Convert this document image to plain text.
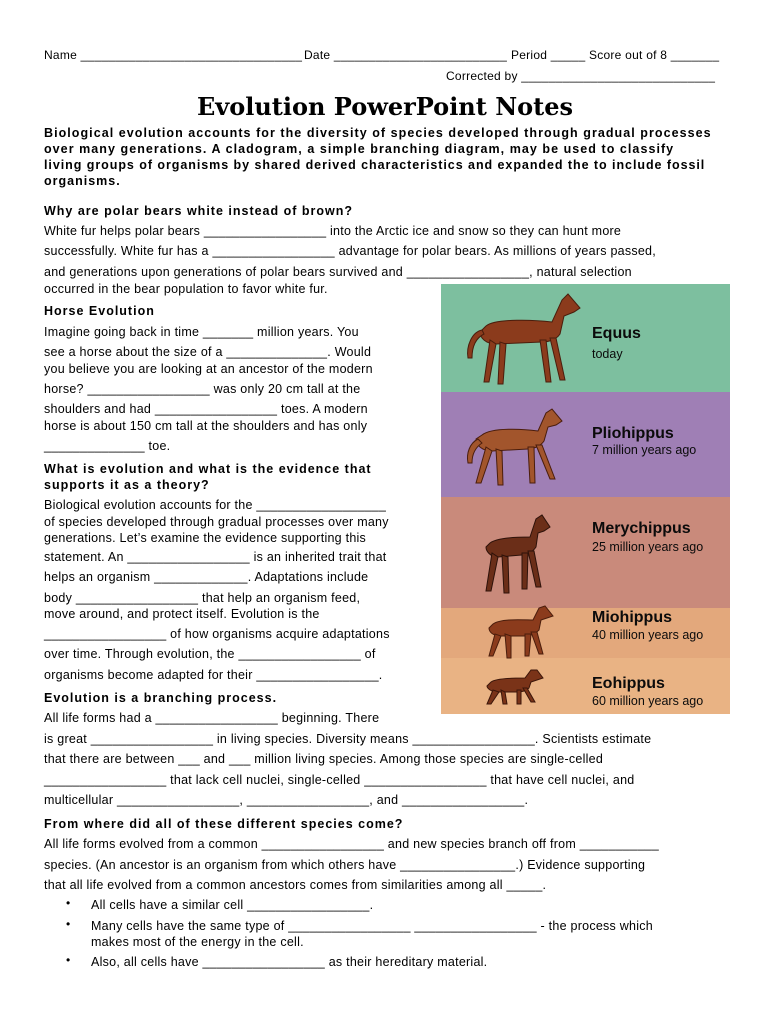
Name ________________________________ Date _________________________ Period _____ Score out of 8 _______
Corrected by ____________________________
Evolution PowerPoint Notes
Biological evolution accounts for the diversity of species developed through gradual processes
over many generations. A cladogram, a simple branching diagram, may be used to classify
living groups of organisms by shared derived characteristics and expanded the to include fossil
organisms.
Why are polar bears white instead of brown?
White fur helps polar bears _________________ into the Arctic ice and snow so they can hunt more
successfully. White fur has a _________________ advantage for polar bears. As millions of years passed,
and generations upon generations of polar bears survived and _________________, natural selection
occurred in the bear population to favor white fur.
Horse Evolution
Imagine going back in time _______ million years. You
see a horse about the size of a ______________. Would
you believe you are looking at an ancestor of the modern
horse? _________________ was only 20 cm tall at the
shoulders and had _________________ toes. A modern
horse is about 150 cm tall at the shoulders and has only
______________ toe.
What is evolution and what is the evidence that
supports it as a theory?
Biological evolution accounts for the __________________
of species developed through gradual processes over many
generations. Let’s examine the evidence supporting this
statement. An _________________ is an inherited trait that
helps an organism _____________. Adaptations include
body _________________ that help an organism feed,
move around, and protect itself. Evolution is the
_________________ of how organisms acquire adaptations
over time. Through evolution, the _________________ of
organisms become adapted for their _________________.
Evolution is a branching process.
All life forms had a _________________ beginning. There
is great _________________ in living species. Diversity means _________________. Scientists estimate
that there are between ___ and ___ million living species. Among those species are single-celled
_________________ that lack cell nuclei, single-celled _________________ that have cell nuclei, and
multicellular _________________, _________________, and _________________.
From where did all of these different species come?
All life forms evolved from a common _________________ and new species branch off from ___________
species. (An ancestor is an organism from which others have ________________.) Evidence supporting
that all life evolved from a common ancestors comes from similarities among all _____.
• All cells have a similar cell _________________.
• Many cells have the same type of _________________ _________________ - the process which
makes most of the energy in the cell.
• Also, all cells have _________________ as their hereditary material.
Equus
today
Pliohippus
7 million years ago
Merychippus
25 million years ago
Miohippus
40 million years ago
Eohippus
60 million years ago
